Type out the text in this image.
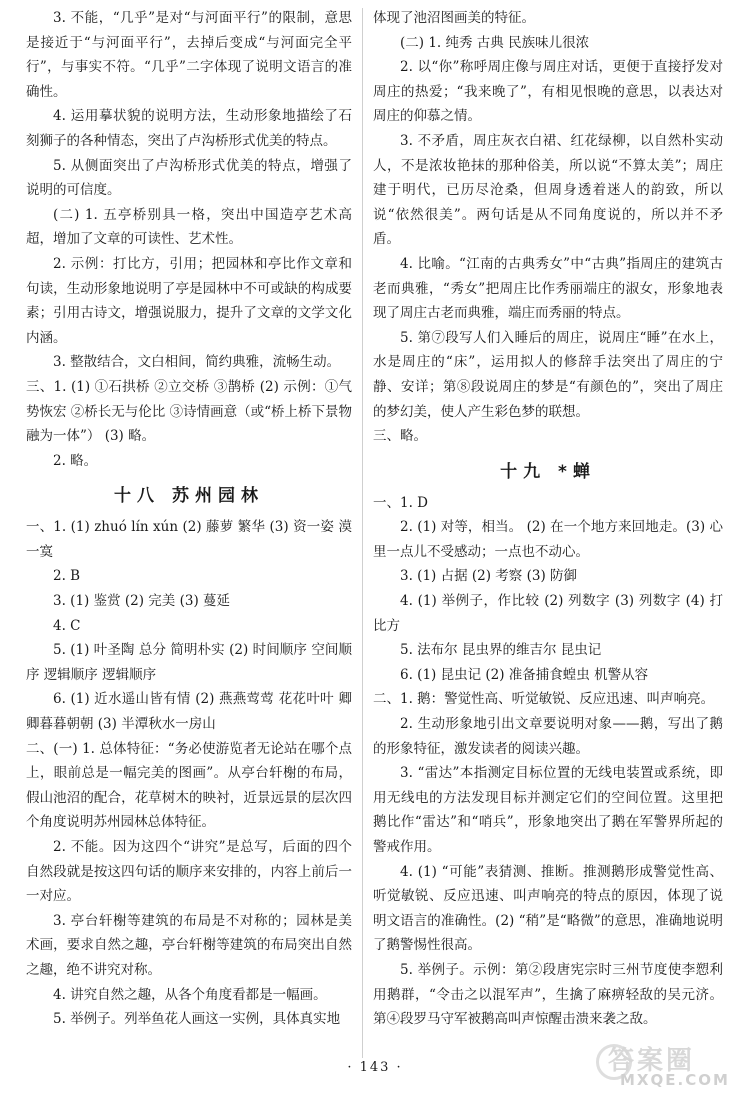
3. 不能，“几乎”是对“与河面平行”的限制，意思是接近于“与河面平行”，去掉后变成“与河面完全平行”，与事实不符。“几乎”二字体现了说明文语言的准确性。

4. 运用摹状貌的说明方法，生动形象地描绘了石刻狮子的各种情态，突出了卢沟桥形式优美的特点。

5. 从侧面突出了卢沟桥形式优美的特点，增强了说明的可信度。

(二) 1. 五亭桥别具一格，突出中国造亭艺术高超，增加了文章的可读性、艺术性。

2. 示例：打比方，引用；把园林和亭比作文章和句读，生动形象地说明了亭是园林中不可或缺的构成要素；引用古诗文，增强说服力，提升了文章的文学文化内涵。

3. 整散结合，文白相间，简约典雅，流畅生动。

三、1. (1) ①石拱桥 ②立交桥 ③鹊桥 (2) 示例：①气势恢宏 ②桥长无与伦比 ③诗情画意（或“桥上桥下景物融为一体”） (3) 略。

2. 略。

十八 苏州园林

一、1. (1) zhuó lín xún (2) 藤萝 繁华 (3) 资一姿 漠一寞

2. B

3. (1) 鉴赏 (2) 完美 (3) 蔓延

4. C

5. (1) 叶圣陶 总分 简明朴实 (2) 时间顺序 空间顺序 逻辑顺序 逻辑顺序

6. (1) 近水遥山皆有情 (2) 燕燕莺莺 花花叶叶 卿卿暮暮朝朝 (3) 半潭秋水一房山

二、(一) 1. 总体特征：“务必使游览者无论站在哪个点上，眼前总是一幅完美的图画”。从亭台轩榭的布局，假山池沼的配合，花草树木的映衬，近景远景的层次四个角度说明苏州园林总体特征。

2. 不能。因为这四个“讲究”是总写，后面的四个自然段就是按这四句话的顺序来安排的，内容上前后一一对应。

3. 亭台轩榭等建筑的布局是不对称的；园林是美术画，要求自然之趣，亭台轩榭等建筑的布局突出自然之趣，绝不讲究对称。

4. 讲究自然之趣，从各个角度看都是一幅画。

5. 举例子。列举鱼花人画这一实例，具体真实地

体现了池沼图画美的特征。

(二) 1. 纯秀 古典 民族味儿很浓

2. 以“你”称呼周庄像与周庄对话，更便于直接抒发对周庄的热爱；“我来晚了”，有相见恨晚的意思，以表达对周庄的仰慕之情。

3. 不矛盾，周庄灰衣白裙、红花绿柳，以自然朴实动人，不是浓妆艳抹的那种俗美，所以说“不算太美”；周庄建于明代，已历尽沧桑，但周身透着迷人的韵致，所以说“依然很美”。两句话是从不同角度说的，所以并不矛盾。

4. 比喻。“江南的古典秀女”中“古典”指周庄的建筑古老而典雅，“秀女”把周庄比作秀丽端庄的淑女，形象地表现了周庄古老而典雅，端庄而秀丽的特点。

5. 第⑦段写人们入睡后的周庄，说周庄“睡”在水上，水是周庄的“床”，运用拟人的修辞手法突出了周庄的宁静、安详；第⑧段说周庄的梦是“有颜色的”，突出了周庄的梦幻美，使人产生彩色梦的联想。

三、略。

十九 *蝉

一、1. D

2. (1) 对等，相当。 (2) 在一个地方来回地走。(3) 心里一点儿不受感动；一点也不动心。

3. (1) 占据 (2) 考察 (3) 防御

4. (1) 举例子，作比较 (2) 列数字 (3) 列数字 (4) 打比方

5. 法布尔 昆虫界的维吉尔 昆虫记

6. (1) 昆虫记 (2) 准备捕食蝗虫 机警从容

二、1. 鹅：警觉性高、听觉敏锐、反应迅速、叫声响亮。

2. 生动形象地引出文章要说明对象——鹅，写出了鹅的形象特征，激发读者的阅读兴趣。

3. “雷达”本指测定目标位置的无线电装置或系统，即用无线电的方法发现目标并测定它们的空间位置。这里把鹅比作“雷达”和“哨兵”，形象地突出了鹅在军警界所起的警戒作用。

4. (1) “可能”表猜测、推断。推测鹅形成警觉性高、听觉敏锐、反应迅速、叫声响亮的特点的原因，体现了说明文语言的准确性。(2) “稍”是“略微”的意思，准确地说明了鹅警惕性很高。

5. 举例子。示例：第②段唐宪宗时三州节度使李愬利用鹅群，“令击之以混军声”，生擒了麻痹轻敌的吴元济。第④段罗马守军被鹅高叫声惊醒击溃来袭之敌。

· 143 ·	答案圈
MXQE.COM
